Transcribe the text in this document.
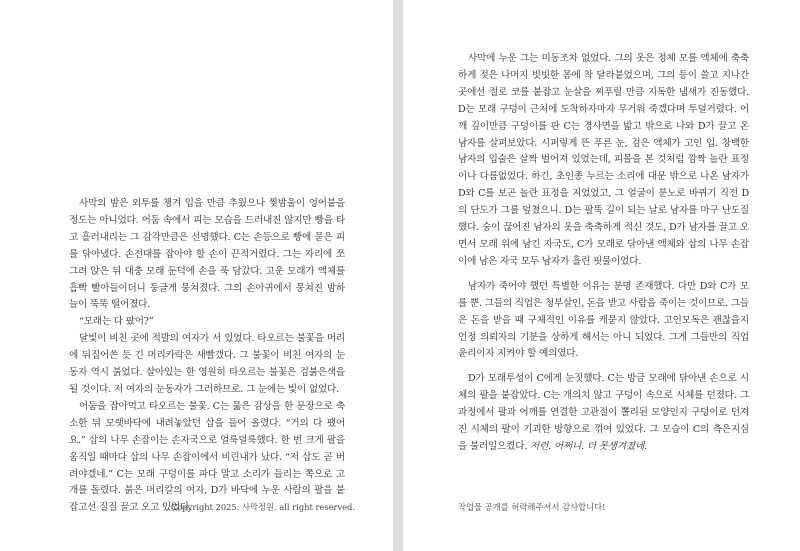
사막의 밤은 외투를 챙겨 입을 만큼 추웠으나 찢밤울이 엉어붙을 정도는 아니었다. 어둠 속에서 피는 모습을 드러내진 않지만 빵을 타고 흘러내리는 그 감각만큼은 선명했다. C는 손등으로 빵에 묻은 피를 닦아냈다. 손전대를 잡아야 할 손이 끈적거렸다. 그는 자리에 쪼그려 앉은 뒤 대충 모래 둔덕에 손을 푹 담갔다. 고운 모래가 액체를 흡빡 빨아들이더니 둥글게 뭉쳐졌다. 그의 손아귀에서 뭉쳐진 밤하늘이 뚝뚝 떨어졌다.

“모래는 다 팠어?”

달빛이 비친 곳에 적발의 여자가 서 있었다. 타오르는 불꽃을 머리에 뒤집어쓴 듯 긴 머리카락은 새빨갰다. 그 불꽃이 비친 여자의 눈동자 역시 붉었다. 살아있는 한 영원히 타오르는 불꽃은 검붉은색을 될 것이다. 저 여자의 눈동자가 그러하므로. 그 눈에는 빛이 없었다.

어둠을 잡아먹고 타오르는 불꽃. C는 뭃은 감상을 한 문장으로 축소한 뒤 모랫바닥에 내려놓았던 삽을 들어 올렸다. “거의 다 팼어요.” 삽의 나무 손잡이는 손자국으로 얼룩덜룩했다. 한 번 크게 팔을 움직일 때마다 삽의 나무 손잡이에서 비린내가 났다. “저 삽도 곧 버려야겠네.” C는 모래 구덩이를 파다 말고 소리가 들리는 쪽으로 고개를 돌렸다. 붉은 머리칼의 여자, D가 바닥에 누운 사람의 팔을 붙잡고선 질질 끌고 오고 있었다.

Copyright 2025. 사막정원. all right reserved.

사막에 누운 그는 미동조차 없었다. 그의 옷은 정체 모를 액체에 축축하게 젖은 나머지 빗빗한 몸에 착 달라붙었으며, 그의 등이 쓸고 지나간 곳에선 절로 코를 붙잡고 눈살을 찌푸릴 만큼 지독한 냄새가 진동했다. D는 모래 구덩이 근처에 도착하자마자 무거워 죽겠다며 투덜거렸다. 어깨 깊이만큼 구덩이를 판 C는 경사면을 밟고 밖으로 나와 D가 끌고 온 남자를 살펴보았다. 시퍼렇게 뜬 푸른 눈, 검은 액체가 고인 입. 창백한 남자의 입술은 살짝 벌어져 있었는데, 피몰을 본 것처럼 깜짝 놀란 표정이나 다름없었다. 하긴, 초인종 누르는 소리에 대문 밖으로 나온 남자가 D와 C를 보곤 놀란 표정을 지었었고, 그 얼굴이 분노로 바뀌기 직전 D의 단도가 그를 덮쳤으니. D는 팔뚝 길이 되는 날로 남자를 마구 난도질했다. 숭이 끊어진 남자의 옷을 축축하게 적신 것도, D가 남자를 끌고 오면서 모래 위에 남긴 자국도, C가 모래로 닦아낸 액체와 삽의 나무 손잡이에 남은 자국 모두 남자가 흘린 핏물이었다.

남자가 죽어야 했던 특별한 이유는 분명 존재했다. 다만 D와 C가 모를 뿐. 그들의 직업은 청부살인, 돈을 받고 사람을 죽이는 것이므로. 그들은 돈을 받을 때 구체적인 이유를 캐묻지 않았다. 고인모독은 괜찮을지언정 의뢰자의 기분을 상하게 해서는 아니 되었다. 그게 그들만의 직업윤리이자 지켜야 할 예의였다.

D가 모래투성이 C에게 눈짓했다. C는 방금 모래에 닦아낸 손으로 시체의 팔을 붙잡았다. C는 개의치 않고 구덩이 속으로 시체를 던졌다. 그 과정에서 팔과 어깨를 연결한 고관절이 뽈리된 모양인지 구덩이로 던져진 시체의 팔이 기괴한 방향으로 꺾여 있었다. 그 모습이 C의 측은지심을 불러일으켰다. 저런. 어쩌니. 더 못생겨졌네.

작업물 공개를 허락해주셔서 감사합니다!
